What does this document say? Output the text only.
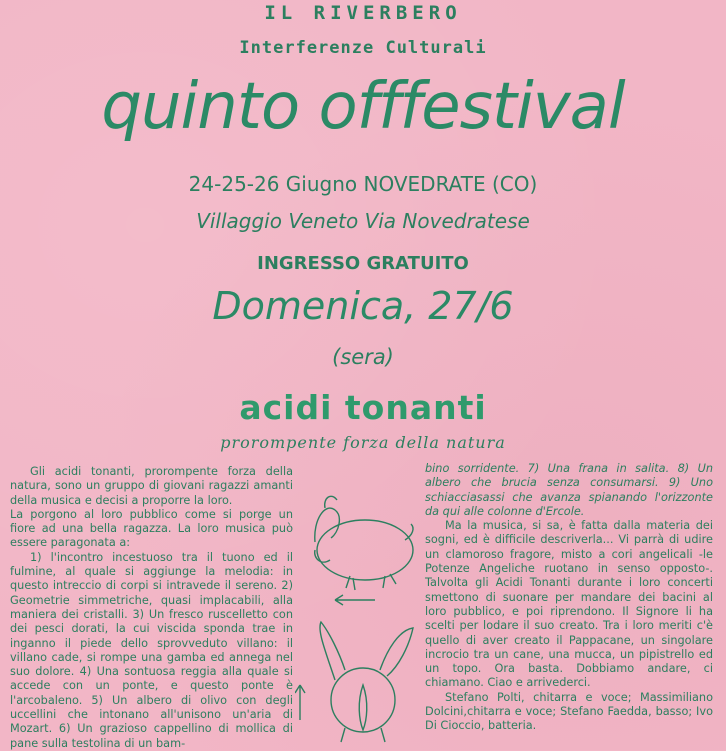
IL RIVERBERO
Interferenze Culturali
quinto offfestival
24-25-26 Giugno NOVEDRATE (CO)
Villaggio Veneto Via Novedratese
INGRESSO GRATUITO
Domenica, 27/6
(sera)
acidi tonanti
prorompente forza della natura

Gli acidi tonanti, prorompente forza della natura, sono un gruppo di giovani ragazzi amanti della musica e decisi a proporre la loro.

La porgono al loro pubblico come si porge un fiore ad una bella ragazza. La loro musica può essere paragonata a:

1) l'incontro incestuoso tra il tuono ed il fulmine, al quale si aggiunge la melodia: in questo intreccio di corpi si intravede il sereno. 2) Geometrie simmetriche, quasi implacabili, alla maniera dei cristalli. 3) Un fresco ruscelletto con dei pesci dorati, la cui viscida sponda trae in inganno il piede dello sprovveduto villano: il villano cade, si rompe una gamba ed annega nel suo dolore. 4) Una sontuosa reggia alla quale si accede con un ponte, e questo ponte è l'arcobaleno. 5) Un albero di olivo con degli uccellini che intonano all'unisono un'aria di Mozart. 6) Un grazioso cappellino di mollica di pane sulla testolina di un bam-

bino sorridente. 7) Una frana in salita. 8) Un albero che brucia senza consumarsi. 9) Uno schiacciasassi che avanza spianando l'orizzonte da qui alle colonne d'Ercole.

Ma la musica, si sa, è fatta dalla materia dei sogni, ed è difficile descriverla... Vi parrà di udire un clamoroso fragore, misto a cori angelicali -le Potenze Angeliche ruotano in senso opposto-. Talvolta gli Acidi Tonanti durante i loro concerti smettono di suonare per mandare dei bacini al loro pubblico, e poi riprendono. Il Signore li ha scelti per lodare il suo creato. Tra i loro meriti c'è quello di aver creato il Pappacane, un singolare incrocio tra un cane, una mucca, un pipistrello ed un topo. Ora basta. Dobbiamo andare, ci chiamano. Ciao e arrivederci.

Stefano Polti, chitarra e voce; Massimiliano Dolcini,chitarra e voce; Stefano Faedda, basso; Ivo Di Cioccio, batteria.
